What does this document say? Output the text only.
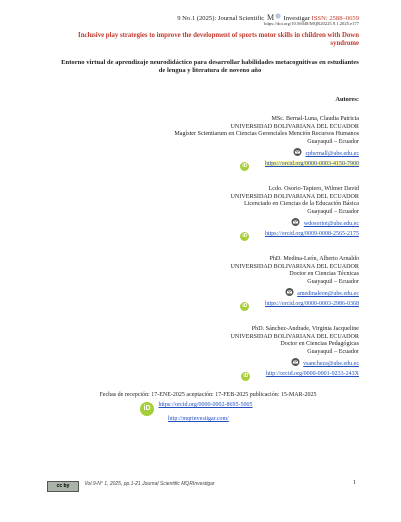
9 No.1 (2025): Journal Scientific M Investigar ISSN: 2588–0659
https://doi.org/10.56048/MQR20225.9.1.2025.e177
Inclusive play strategies to improve the development of sports motor skills in children with Down syndrome
Entorno virtual de aprendizaje neurodidáctico para desarrollar habilidades metacognitivas en estudiantes de lengua y literatura de noveno año
Autores:
MSc. Bernal-Luna, Claudia Patricia
UNIVERSIDAD BOLIVARIANA DEL ECUADOR
Magíster Scientiarum en Ciencias Gerenciales Mención Recursos Humanos
Guayaquil – Ecuador
cpbernall@ube.edu.ec
iD	https://orcid.org/0000-0003-4150-7900
Lcdo. Osorio-Tapiero, Wilmer David
UNIVERSIDAD BOLIVARIANA DEL ECUADOR
Licenciado en Ciencias de la Educación Básica
Guayaquil – Ecuador
wdosoriot@ube.edu.ec
iD	https://orcid.org/0009-0008-2565-2175
PhD. Medina-León, Alberto Arnaldo
UNIVERSIDAD BOLIVARIANA DEL ECUADOR
Doctor en Ciencias Técnicas
Guayaquil – Ecuador
amedinaleon@ube.edu.ec
iD	https://orcid.org/0000-0003-2986-0368
PhD. Sánchez-Andrade, Virginia Jacqueline
UNIVERSIDAD BOLIVARIANA DEL ECUADOR
Doctor en Ciencias Pedagógicas
Guayaquil – Ecuador
vsancheza@ube.edu.ec
iD	http://orcid.org/0000-0001-9233-243X
Fechas de recepción: 17-ENE-2025 aceptación: 17-FEB-2025 publicación: 15-MAR-2025
iD https://orcid.org/0000-0002-8695-5005
http://mqrinvestigar.com/
cc by	Vol.9-N° 1, 2025, pp.1-21 Journal Scientific MQRInvestigar	1
